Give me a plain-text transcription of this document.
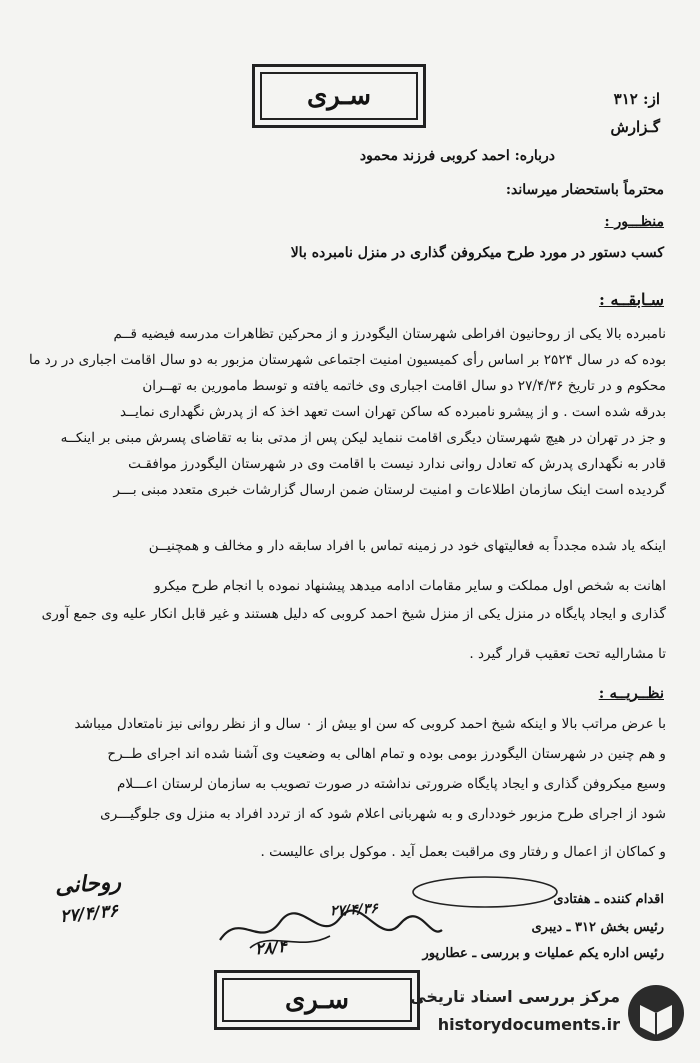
سـری	از: ۳۱۲
گـزارش
درباره: احمد کروبی فرزند محمود
محترماً باستحضار میرساند:
منظـــور :
کسب دستور در مورد طرح میکروفن گذاری در منزل نامبرده بالا
سـابقــه :
نامبرده بالا یکی از روحانیون افراطی شهرستان الیگودرز و از محرکین تظاهرات مدرسه فیضیه قــم
بوده که در سال ۲۵۲۴ بر اساس رأی کمیسیون امنیت اجتماعی شهرستان مزبور به دو سال اقامت اجباری در رد ما
محکوم و در تاریخ ۲۷/۴/۳۶ دو سال اقامت اجباری وی خاتمه یافته و توسط مامورین به تهــران
بدرقه شده است . و از پیشرو نامبرده که ساکن تهران است تعهد اخذ که از پدرش نگهداری نمایــد
و جز در تهران در هیچ شهرستان دیگری اقامت ننماید لیکن پس از مدتی بنا به تقاضای پسرش مبنی بر اینکــه
قادر به نگهداری پدرش که تعادل روانی ندارد نیست با اقامت وی در شهرستان الیگودرز موافقـت
گردیده است اینک سازمان اطلاعات و امنیت لرستان ضمن ارسال گزارشات خبری متعدد مبنی بـــر
اینکه یاد شده مجدداً به فعالیتهای خود در زمینه تماس با افراد سابقه دار و مخالف و همچنیــن
اهانت به شخص اول مملکت و سایر مقامات ادامه میدهد پیشنهاد نموده با انجام طرح میکرو
گذاری و ایجاد پایگاه در منزل یکی از منزل شیخ احمد کروبی که دلیل هستند و غیر قابل انکار علیه وی جمع آوری
تا مشارالیه تحت تعقیب قرار گیرد .
نظــریــه :
با عرض مراتب بالا و اینکه شیخ احمد کروبی که سن او بیش از ۰ سال و از نظر روانی نیز نامتعادل میباشد
و هم چنین در شهرستان الیگودرز بومی بوده و تمام اهالی به وضعیت وی آشنا شده اند اجرای طــرح
وسیع میکروفن گذاری و ایجاد پایگاه ضرورتی نداشته در صورت تصویب به سازمان لرستان اعـــلام
شود از اجرای طرح مزبور خودداری و به شهربانی اعلام شود که از تردد افراد به منزل وی جلوگیـــری
و کماکان از اعمال و رفتار وی مراقبت بعمل آید . موکول برای عالیست .
روحانی
۲۷/۴/۳۶
اقدام کننده ـ هفتادی
رئیس بخش ۳۱۲ ـ دیبری
رئیس اداره یکم عملیات و بررسی ـ عطارپور
۲۷/۴/۳۶
۲۸/۴
سـری	مرکز بررسی اسناد تاریخی
historydocuments.ir
